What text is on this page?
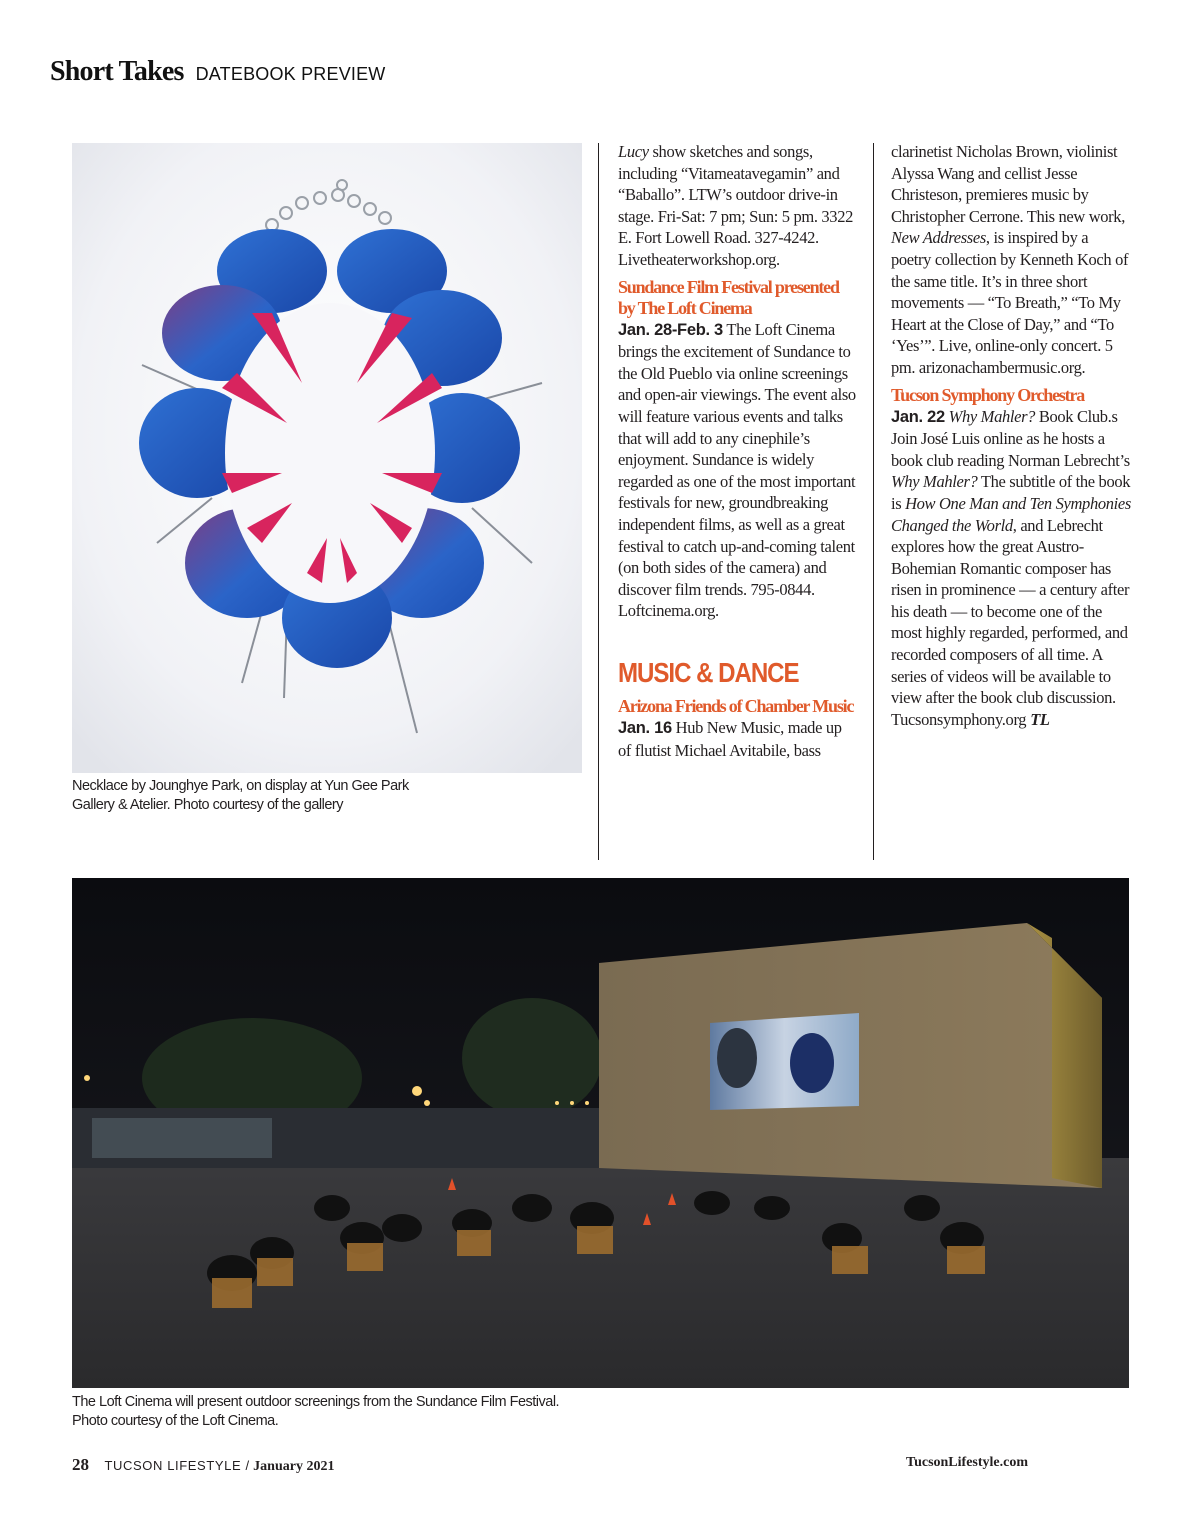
Short Takes DATEBOOK PREVIEW
Necklace by Jounghye Park, on display at Yun Gee Park
Gallery & Atelier. Photo courtesy of the gallery

Lucy show sketches and songs, including “Vitameatavegamin” and “Baballo”. LTW’s outdoor drive-in stage. Fri-Sat: 7 pm; Sun: 5 pm. 3322 E. Fort Lowell Road. 327-4242. Livetheaterworkshop.org.

Sundance Film Festival presented by The Loft Cinema

Jan. 28-Feb. 3 The Loft Cinema brings the excitement of Sundance to the Old Pueblo via online screenings and open-air viewings. The event also will feature various events and talks that will add to any cinephile’s enjoyment. Sundance is widely regarded as one of the most important festivals for new, groundbreaking independent films, as well as a great festival to catch up-and-coming talent (on both sides of the camera) and discover film trends. 795-0844. Loftcinema.org.

MUSIC & DANCE

Arizona Friends of Chamber Music Jan. 16 Hub New Music, made up of flutist Michael Avitabile, bass

clarinetist Nicholas Brown, violinist Alyssa Wang and cellist Jesse Christeson, premieres music by Christopher Cerrone. This new work, New Addresses, is inspired by a poetry collection by Kenneth Koch of the same title. It’s in three short movements — “To Breath,” “To My Heart at the Close of Day,” and “To ‘Yes’”. Live, online-only concert. 5 pm. arizonachambermusic.org.

Tucson Symphony Orchestra

Jan. 22 Why Mahler? Book Club.s Join José Luis online as he hosts a book club reading Norman Lebrecht’s Why Mahler? The subtitle of the book is How One Man and Ten Symphonies Changed the World, and Lebrecht explores how the great Austro-Bohemian Romantic composer has risen in prominence — a century after his death — to become one of the most highly regarded, performed, and recorded composers of all time. A series of videos will be available to view after the book club discussion. Tucsonsymphony.org TL

The Loft Cinema will present outdoor screenings from the Sundance Film Festival.
Photo courtesy of the Loft Cinema.
28 TUCSON LIFESTYLE / January 2021	TucsonLifestyle.com
